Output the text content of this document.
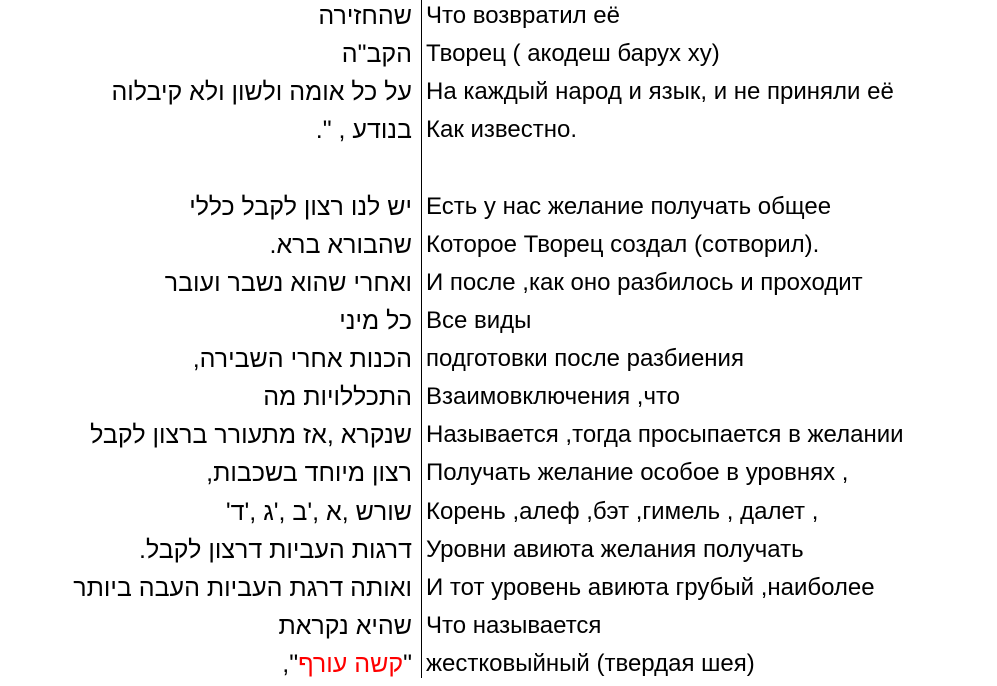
שהחזירה Что возвратил её
הקב"ה Творец ( акодеш барух ху)
על כל אומה ולשון ולא קיבלוה На каждый народ и язык, и не приняли её
בנודע , ". Как известно.
יש לנו רצון לקבל כללי Есть у нас желание получать общее
שהבורא ברא. Которое Творец создал (сотворил).
ואחרי שהוא נשבר ועובר И после ,как оно разбилось и проходит
כל מיני Все виды
הכנות אחרי השבירה, подготовки после разбиения
התכללויות מה Взаимовключения ,что
שנקרא ,אז מתעורר ברצון לקבל Называется ,тогда просыпается в желании
רצון מיוחד בשכבות, Получать желание особое в уровнях ,
שורש ,א ,'ב ,'ג ,'ד' Корень ,алеф ,бэт ,гимель , далет ,
דרגות העביות דרצון לקבל. Уровни авиюта желания получать
ואותה דרגת העביות העבה ביותר И тот уровень авиюта грубый ,наиболее
שהיא נקראת Что называется
"קשה עורף",	жестковыйный (твердая шея)
